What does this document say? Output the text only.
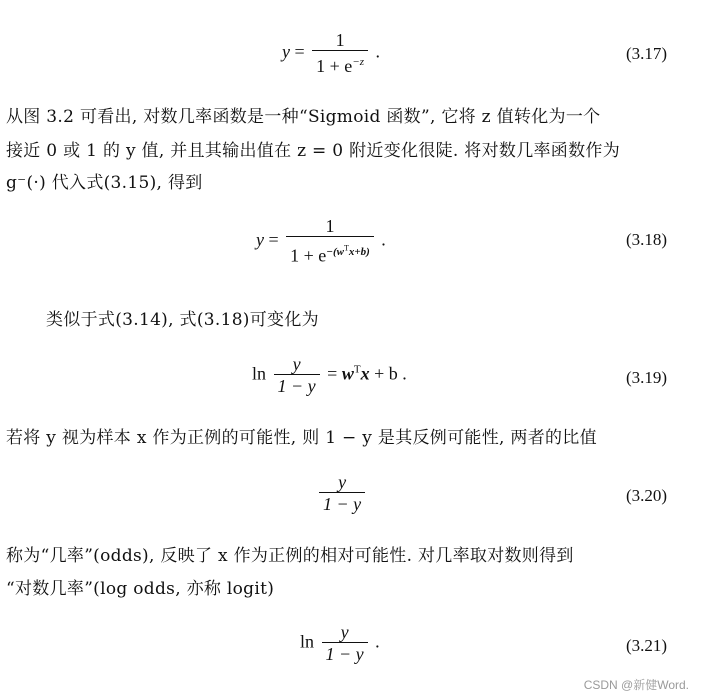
$y = \frac{1}{1 + e^{-z}}$ .	(3.17)
从图 3.2 可看出, 对数几率函数是一种“Sigmoid 函数”, 它将 z 值转化为一个
接近 0 或 1 的 y 值, 并且其输出值在 z = 0 附近变化很陡. 将对数几率函数作为
g⁻(·) 代入式(3.15), 得到
$y = \frac{1}{1 + e^{-(w^Tx+b)}}$ .	(3.18)
类似于式(3.14), 式(3.18)可变化为
$\ln \frac{y}{1 - y} = w^Tx + b$ .	(3.19)
若将 y 视为样本 x 作为正例的可能性, 则 1 − y 是其反例可能性, 两者的比值
$\frac{y}{1 - y}$	(3.20)
称为“几率”(odds), 反映了 x 作为正例的相对可能性. 对几率取对数则得到
“对数几率”(log odds, 亦称 logit)
$\ln \frac{y}{1 - y}$ .	(3.21)
CSDN @新健Word.
